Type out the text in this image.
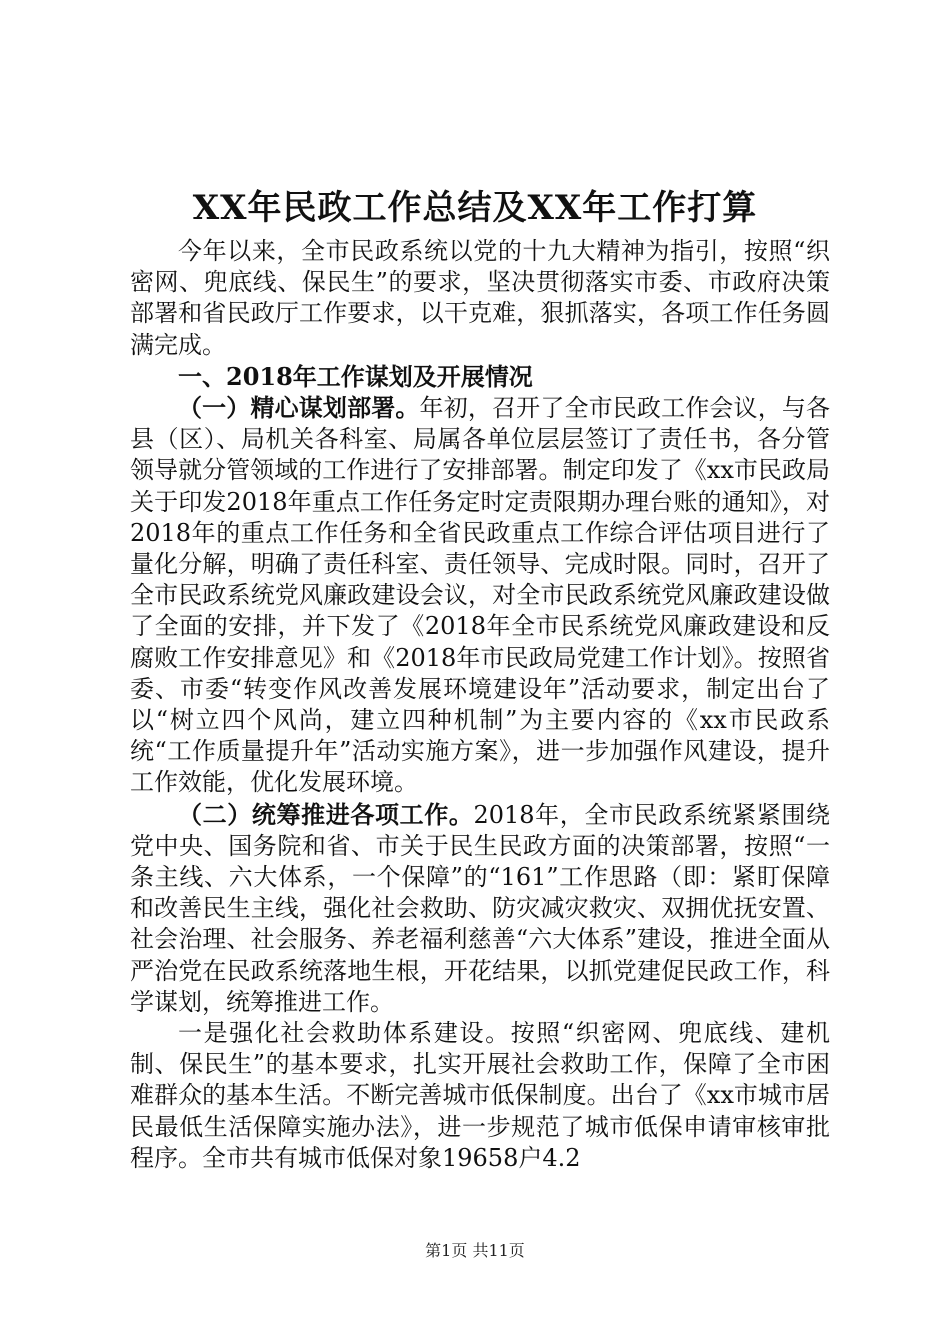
XX年民政工作总结及XX年工作打算

今年以来，全市民政系统以党的十九大精神为指引，按照“织密网、兜底线、保民生”的要求，坚决贯彻落实市委、市政府决策部署和省民政厅工作要求，以干克难，狠抓落实，各项工作任务圆满完成。

一、2018年工作谋划及开展情况

（一）精心谋划部署。年初，召开了全市民政工作会议，与各县（区）、局机关各科室、局属各单位层层签订了责任书，各分管领导就分管领域的工作进行了安排部署。制定印发了《xx市民政局关于印发2018年重点工作任务定时定责限期办理台账的通知》，对2018年的重点工作任务和全省民政重点工作综合评估项目进行了量化分解，明确了责任科室、责任领导、完成时限。同时，召开了全市民政系统党风廉政建设会议，对全市民政系统党风廉政建设做了全面的安排，并下发了《2018年全市民系统党风廉政建设和反腐败工作安排意见》和《2018年市民政局党建工作计划》。按照省委、市委“转变作风改善发展环境建设年”活动要求，制定出台了以“树立四个风尚，建立四种机制”为主要内容的《xx市民政系统“工作质量提升年”活动实施方案》，进一步加强作风建设，提升工作效能，优化发展环境。

（二）统筹推进各项工作。2018年，全市民政系统紧紧围绕党中央、国务院和省、市关于民生民政方面的决策部署，按照“一条主线、六大体系，一个保障”的“161”工作思路（即：紧盯保障和改善民生主线，强化社会救助、防灾减灾救灾、双拥优抚安置、社会治理、社会服务、养老福利慈善“六大体系”建设，推进全面从严治党在民政系统落地生根，开花结果，以抓党建促民政工作，科学谋划，统筹推进工作。

一是强化社会救助体系建设。按照“织密网、兜底线、建机制、保民生”的基本要求，扎实开展社会救助工作，保障了全市困难群众的基本生活。不断完善城市低保制度。出台了《xx市城市居民最低生活保障实施办法》，进一步规范了城市低保申请审核审批程序。全市共有城市低保对象19658户4.2

第1页 共11页
